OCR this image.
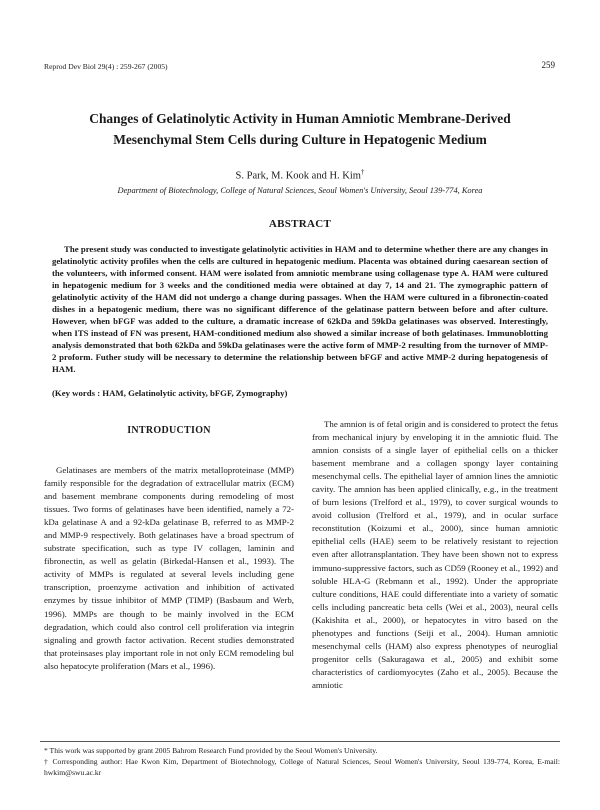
Reprod Dev Biol 29(4) : 259-267 (2005)	259
Changes of Gelatinolytic Activity in Human Amniotic Membrane-Derived
Mesenchymal Stem Cells during Culture in Hepatogenic Medium
S. Park, M. Kook and H. Kim†
Department of Biotechnology, College of Natural Sciences, Seoul Women's University, Seoul 139-774, Korea
ABSTRACT
The present study was conducted to investigate gelatinolytic activities in HAM and to determine whether there are any changes in gelatinolytic activity profiles when the cells are cultured in hepatogenic medium. Placenta was obtained during caesarean section of the volunteers, with informed consent. HAM were isolated from amniotic membrane using collagenase type A. HAM were cultured in hepatogenic medium for 3 weeks and the conditioned media were obtained at day 7, 14 and 21. The zymographic pattern of gelatinolytic activity of the HAM did not undergo a change during passages. When the HAM were cultured in a fibronectin-coated dishes in a hepatogenic medium, there was no significant difference of the gelatinase pattern between before and after culture. However, when bFGF was added to the culture, a dramatic increase of 62kDa and 59kDa gelatinases was observed. Interestingly, when ITS instead of FN was present, HAM-conditioned medium also showed a similar increase of both gelatinases. Immunoblotting analysis demonstrated that both 62kDa and 59kDa gelatinases were the active form of MMP-2 resulting from the turnover of MMP-2 proform. Futher study will be necessary to determine the relationship between bFGF and active MMP-2 during hepatogenesis of HAM.
(Key words : HAM, Gelatinolytic activity, bFGF, Zymography)
INTRODUCTION
Gelatinases are members of the matrix metalloproteinase (MMP) family responsible for the degradation of extracellular matrix (ECM) and basement membrane components during remodeling of most tissues. Two forms of gelatinases have been identified, namely a 72-kDa gelatinase A and a 92-kDa gelatinase B, referred to as MMP-2 and MMP-9 respectively. Both gelatinases have a broad spectrum of substrate specification, such as type IV collagen, laminin and fibronectin, as well as gelatin (Birkedal-Hansen et al., 1993). The activity of MMPs is regulated at several levels including gene transcription, proenzyme activation and inhibition of activated enzymes by tissue inhibitor of MMP (TIMP) (Basbaum and Werb, 1996). MMPs are though to be mainly involved in the ECM degradation, which could also control cell proliferation via integrin signaling and growth factor activation. Recent studies demonstrated that proteinsases play important role in not only ECM remodeling bul also hepatocyte proliferation (Mars et al., 1996).
The amnion is of fetal origin and is considered to protect the fetus from mechanical injury by enveloping it in the amniotic fluid. The amnion consists of a single layer of epithelial cells on a thicker basement membrane and a collagen spongy layer containing mesenchymal cells. The epithelial layer of amnion lines the amniotic cavity. The amnion has been applied clinically, e.g., in the treatment of burn lesions (Trelford et al., 1979), to cover surgical wounds to avoid collusion (Trelford et al., 1979), and in ocular surface reconstitution (Koizumi et al., 2000), since human amniotic epithelial cells (HAE) seem to be relatively resistant to rejection even after allotransplantation. They have been shown not to express immuno-suppressive factors, such as CD59 (Rooney et al., 1992) and soluble HLA-G (Rebmann et al., 1992). Under the appropriate culture conditions, HAE could differentiate into a variety of somatic cells including pancreatic beta cells (Wei et al., 2003), neural cells (Kakishita et al., 2000), or hepatocytes in vitro based on the phenotypes and functions (Seiji et al., 2004). Human amniotic mesenchymal cells (HAM) also express phenotypes of neuroglial progenitor cells (Sakuragawa et al., 2005) and exhibit some characteristics of cardiomyocytes (Zaho et al., 2005). Because the amniotic
* This work was supported by grant 2005 Bahrom Research Fund provided by the Seoul Women's University.
† Corresponding author: Hae Kwon Kim, Department of Biotechnology, College of Natural Sciences, Seoul Women's University, Seoul 139-774, Korea, E-mail: hwkim@swu.ac.kr
